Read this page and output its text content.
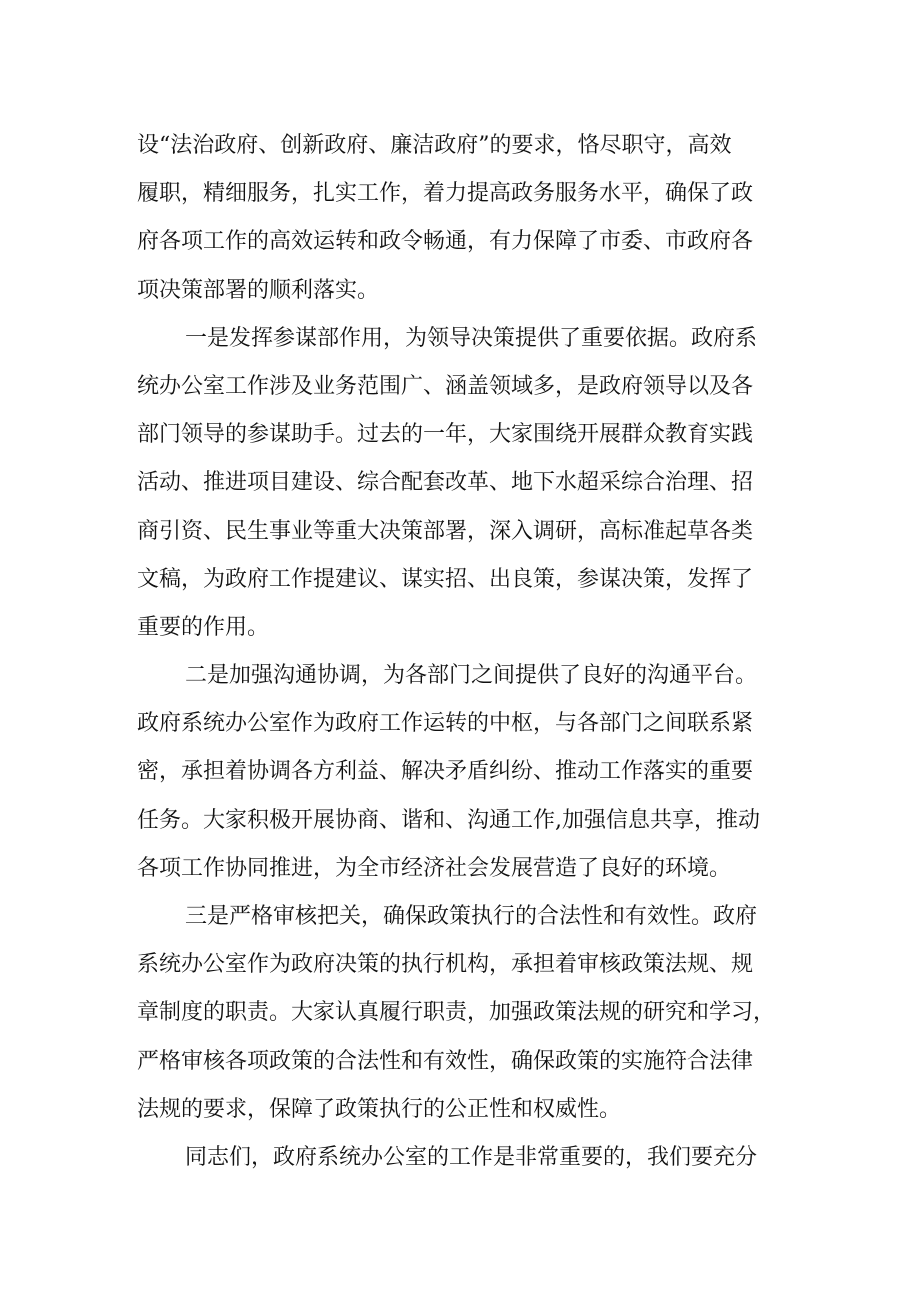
设“法治政府、创新政府、廉洁政府”的要求，恪尽职守，高效
履职，精细服务，扎实工作，着力提高政务服务水平，确保了政
府各项工作的高效运转和政令畅通，有力保障了市委、市政府各
项决策部署的顺利落实。
一是发挥参谋部作用，为领导决策提供了重要依据。政府系
统办公室工作涉及业务范围广、涵盖领域多，是政府领导以及各
部门领导的参谋助手。过去的一年，大家围绕开展群众教育实践
活动、推进项目建设、综合配套改革、地下水超采综合治理、招
商引资、民生事业等重大决策部署，深入调研，高标准起草各类
文稿，为政府工作提建议、谋实招、出良策，参谋决策，发挥了
重要的作用。
二是加强沟通协调，为各部门之间提供了良好的沟通平台。
政府系统办公室作为政府工作运转的中枢，与各部门之间联系紧
密，承担着协调各方利益、解决矛盾纠纷、推动工作落实的重要
任务。大家积极开展协商、谐和、沟通工作,加强信息共享，推动
各项工作协同推进，为全市经济社会发展营造了良好的环境。
三是严格审核把关，确保政策执行的合法性和有效性。政府
系统办公室作为政府决策的执行机构，承担着审核政策法规、规
章制度的职责。大家认真履行职责，加强政策法规的研究和学习，
严格审核各项政策的合法性和有效性，确保政策的实施符合法律
法规的要求，保障了政策执行的公正性和权威性。
同志们，政府系统办公室的工作是非常重要的，我们要充分
